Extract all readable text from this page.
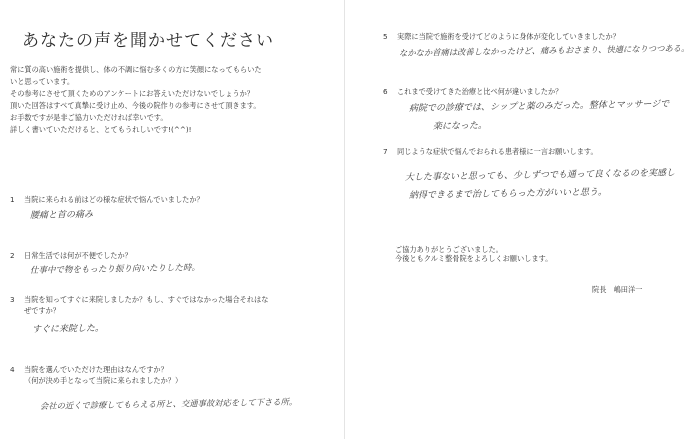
あなたの声を聞かせてください
常に質の高い施術を提供し、体の不調に悩む多くの方に笑顔になってもらいた
いと思っています。
その参考にさせて頂くためのアンケートにお答えいただけないでしょうか？
頂いた回答はすべて真摯に受け止め、今後の院作りの参考にさせて頂きます。
お手数ですが是非ご協力いただければ幸いです。
詳しく書いていただけると、とてもうれしいです!(^^)!
1 当院に来られる前はどの様な症状で悩んでいましたか？
腰痛と首の痛み
2 日常生活では何が不便でしたか？
仕事中で物をもったり振り向いたりした時。
3 当院を知ってすぐに来院しましたか？もし、すぐではなかった場合それはな
ぜですか？
すぐに来院した。
4 当院を選んでいただけた理由はなんですか？
（何が決め手となって当院に来られましたか？）
会社の近くで診療してもらえる所と、交通事故対応をして下さる所。
5 実際に当院で施術を受けてどのように身体が変化していきましたか？
なかなか首痛は改善しなかったけど、痛みもおさまり、快適になりつつある。
6 これまで受けてきた治療と比べ何が違いましたか？
病院での診療では、シップと薬のみだった。整体とマッサージで
楽になった。
7 同じような症状で悩んでおられる患者様に一言お願いします。
大した事ないと思っても、少しずつでも通って良くなるのを実感し
納得できるまで治してもらった方がいいと思う。
ご協力ありがとうございました。
今後ともクルミ整骨院をよろしくお願いします。
院長　嶋田洋一
